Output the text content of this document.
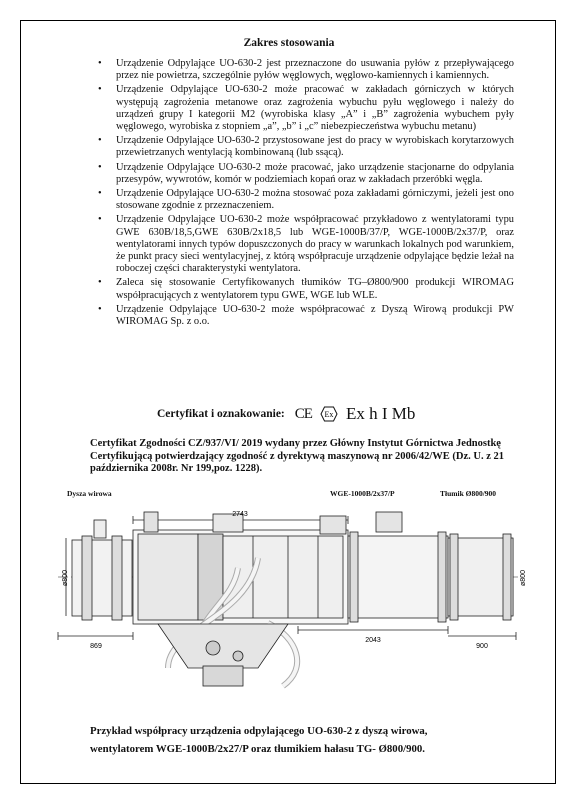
Zakres stosowania
• Urządzenie Odpylające UO-630-2 jest przeznaczone do usuwania pyłów z przepływającego przez nie powietrza, szczególnie pyłów węglowych, węglowo-kamiennych i kamiennych.
• Urządzenie Odpylające UO-630-2 może pracować w zakładach górniczych w których występują zagrożenia metanowe oraz zagrożenia wybuchu pyłu węglowego i należy do urządzeń grupy I kategorii M2 (wyrobiska klasy „A” i „B” zagrożenia wybuchem pyły węglowego, wyrobiska z stopniem „a”, „b” i „c” niebezpieczeństwa wybuchu metanu)
• Urządzenie Odpylające UO-630-2 przystosowane jest do pracy w wyrobiskach korytarzowych przewietrzanych wentylacją kombinowaną (lub ssącą).
• Urządzenie Odpylające UO-630-2 może pracować, jako urządzenie stacjonarne do odpylania przesypów, wywrotów, komór w podziemiach kopań oraz w zakładach przeróbki węgla.
• Urządzenie Odpylające UO-630-2 można stosować poza zakładami górniczymi, jeżeli jest ono stosowane zgodnie z przeznaczeniem.
• Urządzenie Odpylające UO-630-2 może współpracować przykładowo z wentylatorami typu GWE 630B/18,5,GWE 630B/2x18,5 lub WGE-1000B/37/P, WGE-1000B/2x37/P, oraz wentylatorami innych typów dopuszczonych do pracy w warunkach lokalnych pod warunkiem, że punkt pracy sieci wentylacyjnej, z którą współpracuje urządzenie odpylające będzie leżał na roboczej części charakterystyki wentylatora.
• Zaleca się stosowanie Certyfikowanych tłumików TG–Ø800/900 produkcji WIROMAG współpracujących z wentylatorem typu GWE, WGE lub WLE.
• Urządzenie Odpylające UO-630-2 może współpracować z Dyszą Wirową produkcji PW WIROMAG Sp. z o.o.
Certyfikat i oznakowanie: CE Ex Ex h I Mb
Certyfikat Zgodności CZ/937/VI/ 2019 wydany przez Główny Instytut Górnictwa Jednostkę Certyfikującą potwierdzający zgodność z dyrektywą maszynową nr 2006/42/WE (Dz. U. z 21 października 2008r. Nr 199,poz. 1228).
Dysza wirowa	WGE-1000B/2x37/P	Tłumik Ø800/900
2743
869
2043
900
ø800	ø800
Przykład współpracy urządzenia odpylającego UO-630-2 z dyszą wirowa,
wentylatorem WGE-1000B/2x27/P oraz tłumikiem hałasu TG- Ø800/900.
